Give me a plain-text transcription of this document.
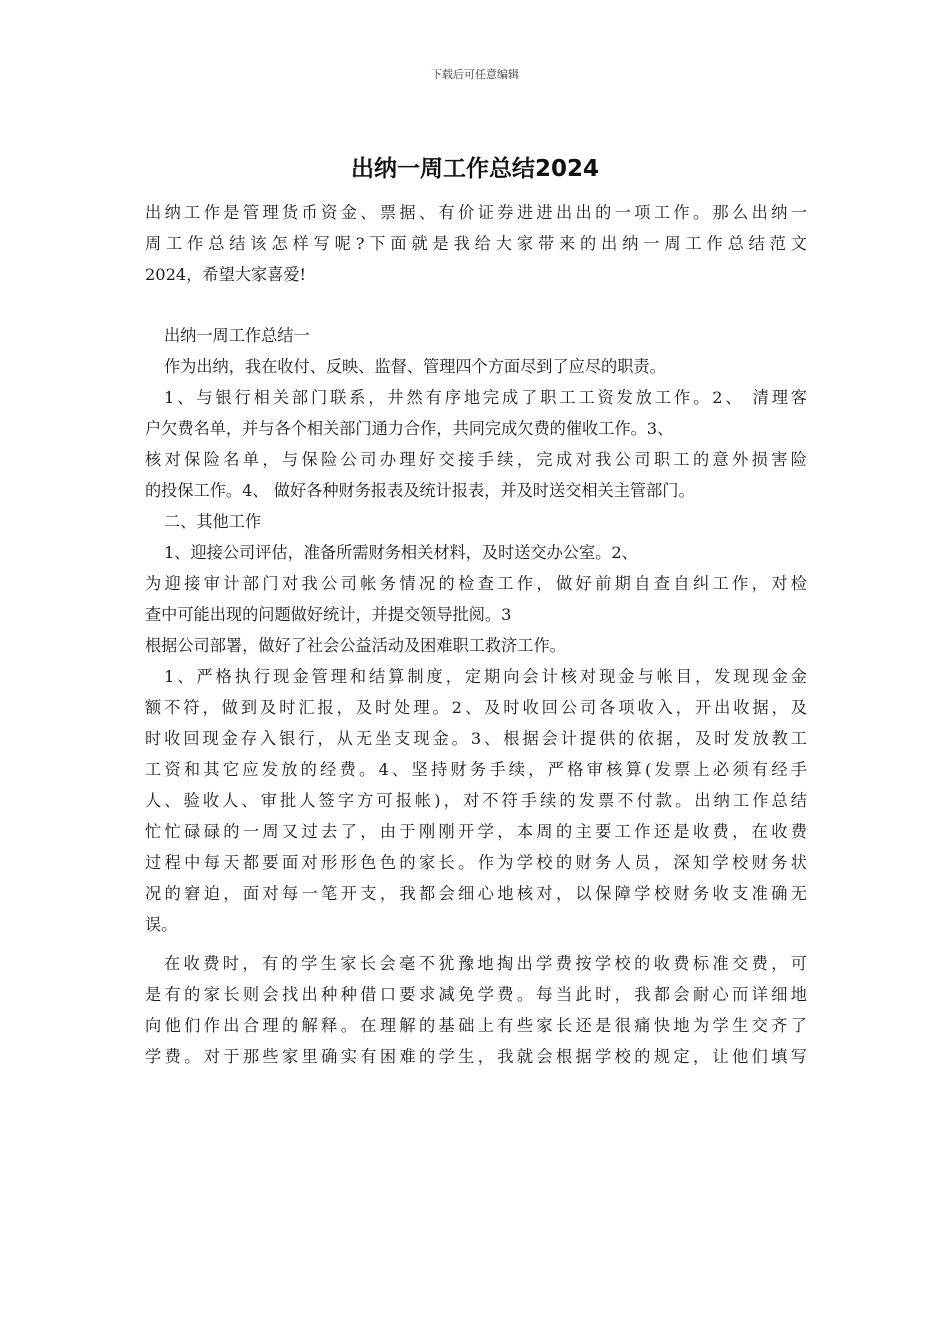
下载后可任意编辑
出纳一周工作总结2024

出纳工作是管理货币资金、票据、有价证券进进出出的一项工作。那么出纳一

周工作总结该怎样写呢?下面就是我给大家带来的出纳一周工作总结范文

2024，希望大家喜爱!

出纳一周工作总结一

作为出纳，我在收付、反映、监督、管理四个方面尽到了应尽的职责。

1、与银行相关部门联系，井然有序地完成了职工工资发放工作。2、 清理客

户欠费名单，并与各个相关部门通力合作，共同完成欠费的催收工作。3、

核对保险名单，与保险公司办理好交接手续，完成对我公司职工的意外损害险

的投保工作。4、 做好各种财务报表及统计报表，并及时送交相关主管部门。

二、其他工作

1、迎接公司评估，准备所需财务相关材料，及时送交办公室。2、

为迎接审计部门对我公司帐务情况的检查工作，做好前期自查自纠工作，对检

查中可能出现的问题做好统计，并提交领导批阅。3

根据公司部署，做好了社会公益活动及困难职工救济工作。

1、严格执行现金管理和结算制度，定期向会计核对现金与帐目，发现现金金

额不符，做到及时汇报，及时处理。2、及时收回公司各项收入，开出收据，及

时收回现金存入银行，从无坐支现金。3、根据会计提供的依据，及时发放教工

工资和其它应发放的经费。4、坚持财务手续，严格审核算(发票上必须有经手

人、验收人、审批人签字方可报帐)，对不符手续的发票不付款。出纳工作总结

忙忙碌碌的一周又过去了，由于刚刚开学，本周的主要工作还是收费，在收费

过程中每天都要面对形形色色的家长。作为学校的财务人员，深知学校财务状

况的窘迫，面对每一笔开支，我都会细心地核对，以保障学校财务收支准确无

误。

在收费时，有的学生家长会毫不犹豫地掏出学费按学校的收费标准交费，可

是有的家长则会找出种种借口要求减免学费。每当此时，我都会耐心而详细地

向他们作出合理的解释。在理解的基础上有些家长还是很痛快地为学生交齐了

学费。对于那些家里确实有困难的学生，我就会根据学校的规定，让他们填写
